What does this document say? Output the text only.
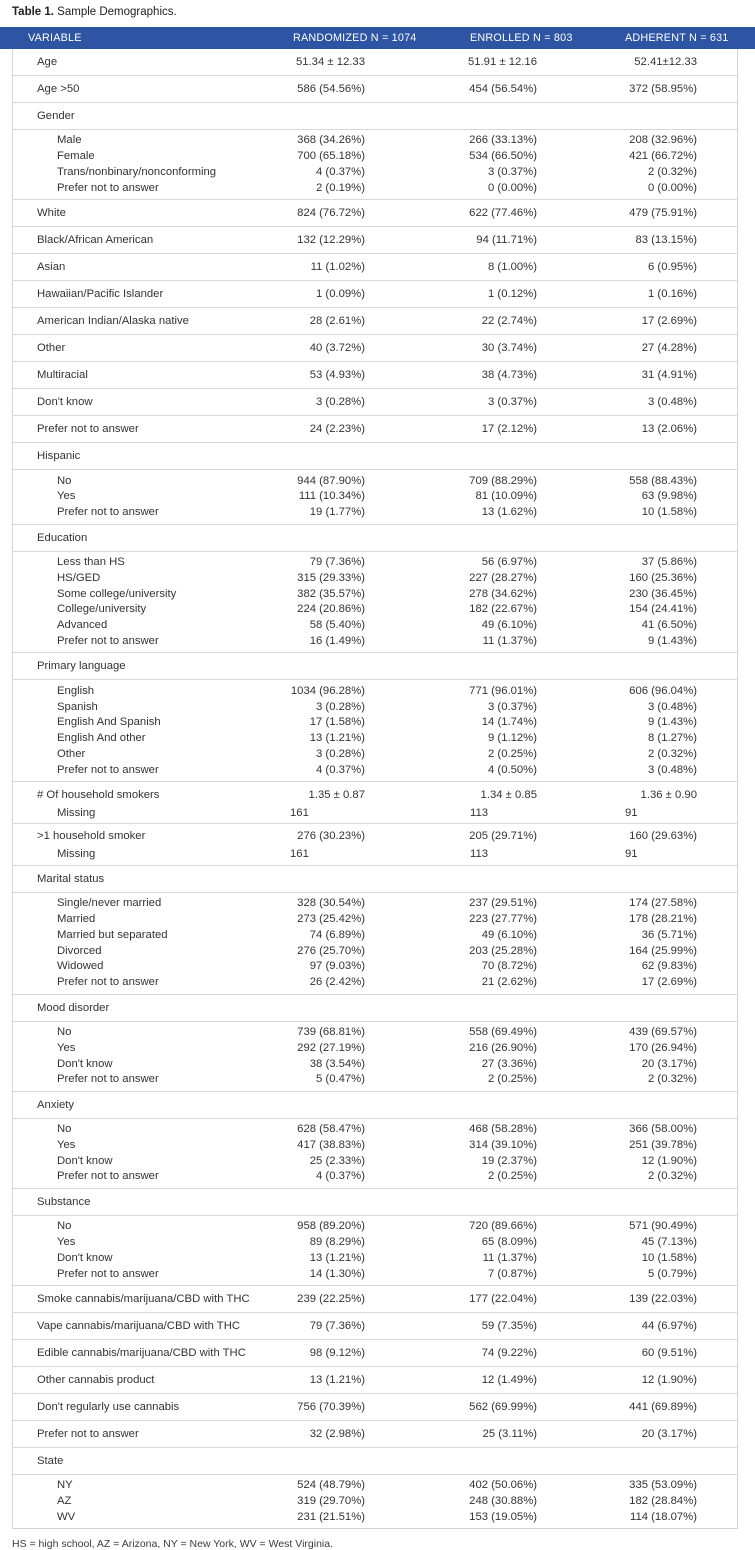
Table 1. Sample Demographics.
VARIABLE	RANDOMIZED N = 1074	ENROLLED N = 803	ADHERENT N = 631
Age	51.34 ± 12.33	51.91 ± 12.16	52.41±12.33
Age >50	586 (54.56%)	454 (56.54%)	372 (58.95%)
Gender
Male	368 (34.26%)	266 (33.13%)	208 (32.96%)
Female	700 (65.18%)	534 (66.50%)	421 (66.72%)
Trans/nonbinary/nonconforming	4 (0.37%)	3 (0.37%)	2 (0.32%)
Prefer not to answer	2 (0.19%)	0 (0.00%)	0 (0.00%)
White	824 (76.72%)	622 (77.46%)	479 (75.91%)
Black/African American	132 (12.29%)	94 (11.71%)	83 (13.15%)
Asian	11 (1.02%)	8 (1.00%)	6 (0.95%)
Hawaiian/Pacific Islander	1 (0.09%)	1 (0.12%)	1 (0.16%)
American Indian/Alaska native	28 (2.61%)	22 (2.74%)	17 (2.69%)
Other	40 (3.72%)	30 (3.74%)	27 (4.28%)
Multiracial	53 (4.93%)	38 (4.73%)	31 (4.91%)
Don't know	3 (0.28%)	3 (0.37%)	3 (0.48%)
Prefer not to answer	24 (2.23%)	17 (2.12%)	13 (2.06%)
Hispanic
No	944 (87.90%)	709 (88.29%)	558 (88.43%)
Yes	111 (10.34%)	81 (10.09%)	63 (9.98%)
Prefer not to answer	19 (1.77%)	13 (1.62%)	10 (1.58%)
Education
Less than HS	79 (7.36%)	56 (6.97%)	37 (5.86%)
HS/GED	315 (29.33%)	227 (28.27%)	160 (25.36%)
Some college/university	382 (35.57%)	278 (34.62%)	230 (36.45%)
College/university	224 (20.86%)	182 (22.67%)	154 (24.41%)
Advanced	58 (5.40%)	49 (6.10%)	41 (6.50%)
Prefer not to answer	16 (1.49%)	11 (1.37%)	9 (1.43%)
Primary language
English	1034 (96.28%)	771 (96.01%)	606 (96.04%)
Spanish	3 (0.28%)	3 (0.37%)	3 (0.48%)
English And Spanish	17 (1.58%)	14 (1.74%)	9 (1.43%)
English And other	13 (1.21%)	9 (1.12%)	8 (1.27%)
Other	3 (0.28%)	2 (0.25%)	2 (0.32%)
Prefer not to answer	4 (0.37%)	4 (0.50%)	3 (0.48%)
# Of household smokers	1.35 ± 0.87	1.34 ± 0.85	1.36 ± 0.90
Missing	161	113	91
>1 household smoker	276 (30.23%)	205 (29.71%)	160 (29.63%)
Missing	161	113	91
Marital status
Single/never married	328 (30.54%)	237 (29.51%)	174 (27.58%)
Married	273 (25.42%)	223 (27.77%)	178 (28.21%)
Married but separated	74 (6.89%)	49 (6.10%)	36 (5.71%)
Divorced	276 (25.70%)	203 (25.28%)	164 (25.99%)
Widowed	97 (9.03%)	70 (8.72%)	62 (9.83%)
Prefer not to answer	26 (2.42%)	21 (2.62%)	17 (2.69%)
Mood disorder
No	739 (68.81%)	558 (69.49%)	439 (69.57%)
Yes	292 (27.19%)	216 (26.90%)	170 (26.94%)
Don't know	38 (3.54%)	27 (3.36%)	20 (3.17%)
Prefer not to answer	5 (0.47%)	2 (0.25%)	2 (0.32%)
Anxiety
No	628 (58.47%)	468 (58.28%)	366 (58.00%)
Yes	417 (38.83%)	314 (39.10%)	251 (39.78%)
Don't know	25 (2.33%)	19 (2.37%)	12 (1.90%)
Prefer not to answer	4 (0.37%)	2 (0.25%)	2 (0.32%)
Substance
No	958 (89.20%)	720 (89.66%)	571 (90.49%)
Yes	89 (8.29%)	65 (8.09%)	45 (7.13%)
Don't know	13 (1.21%)	11 (1.37%)	10 (1.58%)
Prefer not to answer	14 (1.30%)	7 (0.87%)	5 (0.79%)
Smoke cannabis/marijuana/CBD with THC	239 (22.25%)	177 (22.04%)	139 (22.03%)
Vape cannabis/marijuana/CBD with THC	79 (7.36%)	59 (7.35%)	44 (6.97%)
Edible cannabis/marijuana/CBD with THC	98 (9.12%)	74 (9.22%)	60 (9.51%)
Other cannabis product	13 (1.21%)	12 (1.49%)	12 (1.90%)
Don't regularly use cannabis	756 (70.39%)	562 (69.99%)	441 (69.89%)
Prefer not to answer	32 (2.98%)	25 (3.11%)	20 (3.17%)
State
NY	524 (48.79%)	402 (50.06%)	335 (53.09%)
AZ	319 (29.70%)	248 (30.88%)	182 (28.84%)
WV	231 (21.51%)	153 (19.05%)	114 (18.07%)
HS = high school, AZ = Arizona, NY = New York, WV = West Virginia.
